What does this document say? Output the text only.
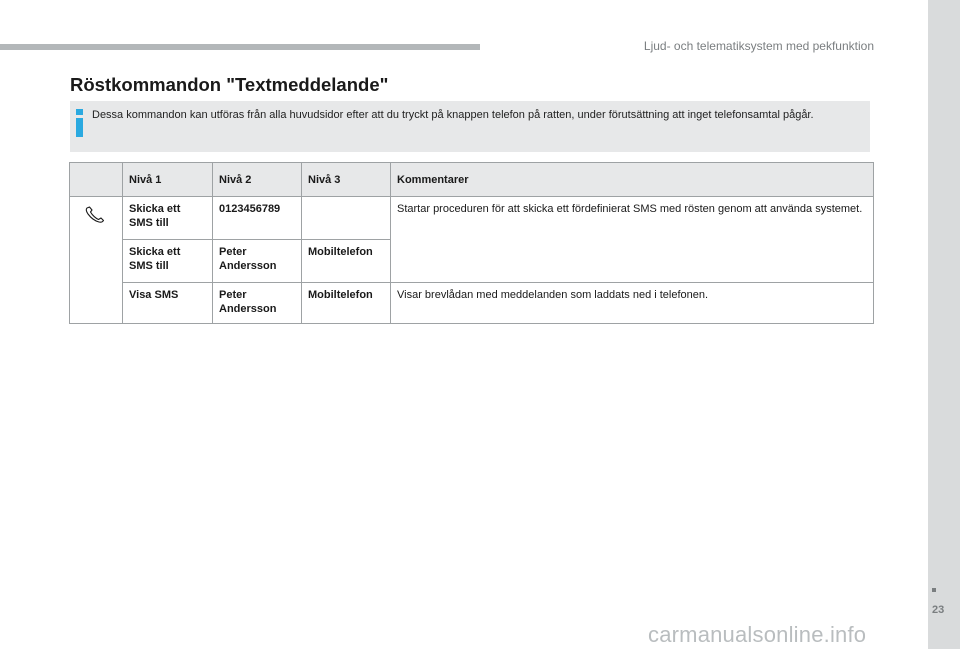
Ljud- och telematiksystem med pekfunktion
Röstkommandon "Textmeddelande"
Dessa kommandon kan utföras från alla huvudsidor efter att du tryckt på knappen telefon på ratten, under förutsättning att inget telefonsamtal pågår.
	Nivå 1	Nivå 2	Nivå 3	Kommentarer

	Skicka ett SMS till	0123456789		Startar proceduren för att skicka ett fördefinierat SMS med rösten genom att använda systemet.
	Skicka ett SMS till	Peter Andersson	Mobiltelefon	
	Visa SMS	Peter Andersson	Mobiltelefon	Visar brevlådan med meddelanden som laddats ned i telefonen.
23
carmanualsonline.info
